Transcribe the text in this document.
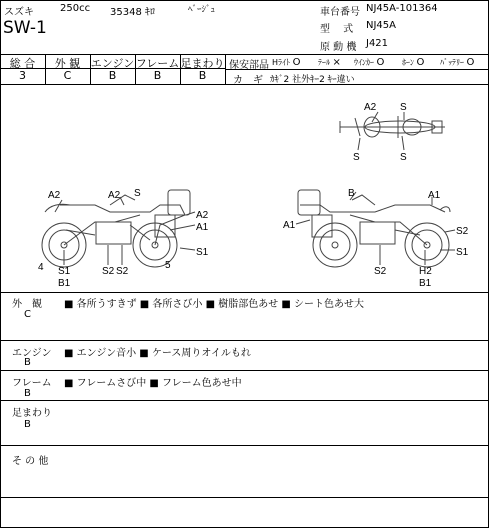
スズキ	250cc 35348 ｷﾛ	ﾍﾞｰｼﾞｭ
SW-1
車台番号 NJ45A-101364
型　 式 NJ45A
原 動 機 J421
総 合	外 観 エンジン フレーム 足まわり
3	C	B	B	B
保安部品 Hﾗｲﾄ O ﾃｰﾙ × ｳｲﾝｶｰ O ﾎｰﾝ O ﾊﾞｯﾃﾘｰ O
カ　ギ ｶｷﾞ2 社外ｷｰ2 ｷｰ違い
A2 S
S	S
A2	A2 S
A2
A1
S1
4 S1
B1
S2 S2
5
B	A1
A1
S2
S1
S2	H2
B1
外　観
C
■ 各所うすきず ■ 各所さび小 ■ 樹脂部色あせ ■ シート色あせ大
エンジン
B
■ エンジン音小 ■ ケース周りオイルもれ
フレーム
B
■ フレームさび中 ■ フレーム色あせ中
足まわり
B
そ の 他
